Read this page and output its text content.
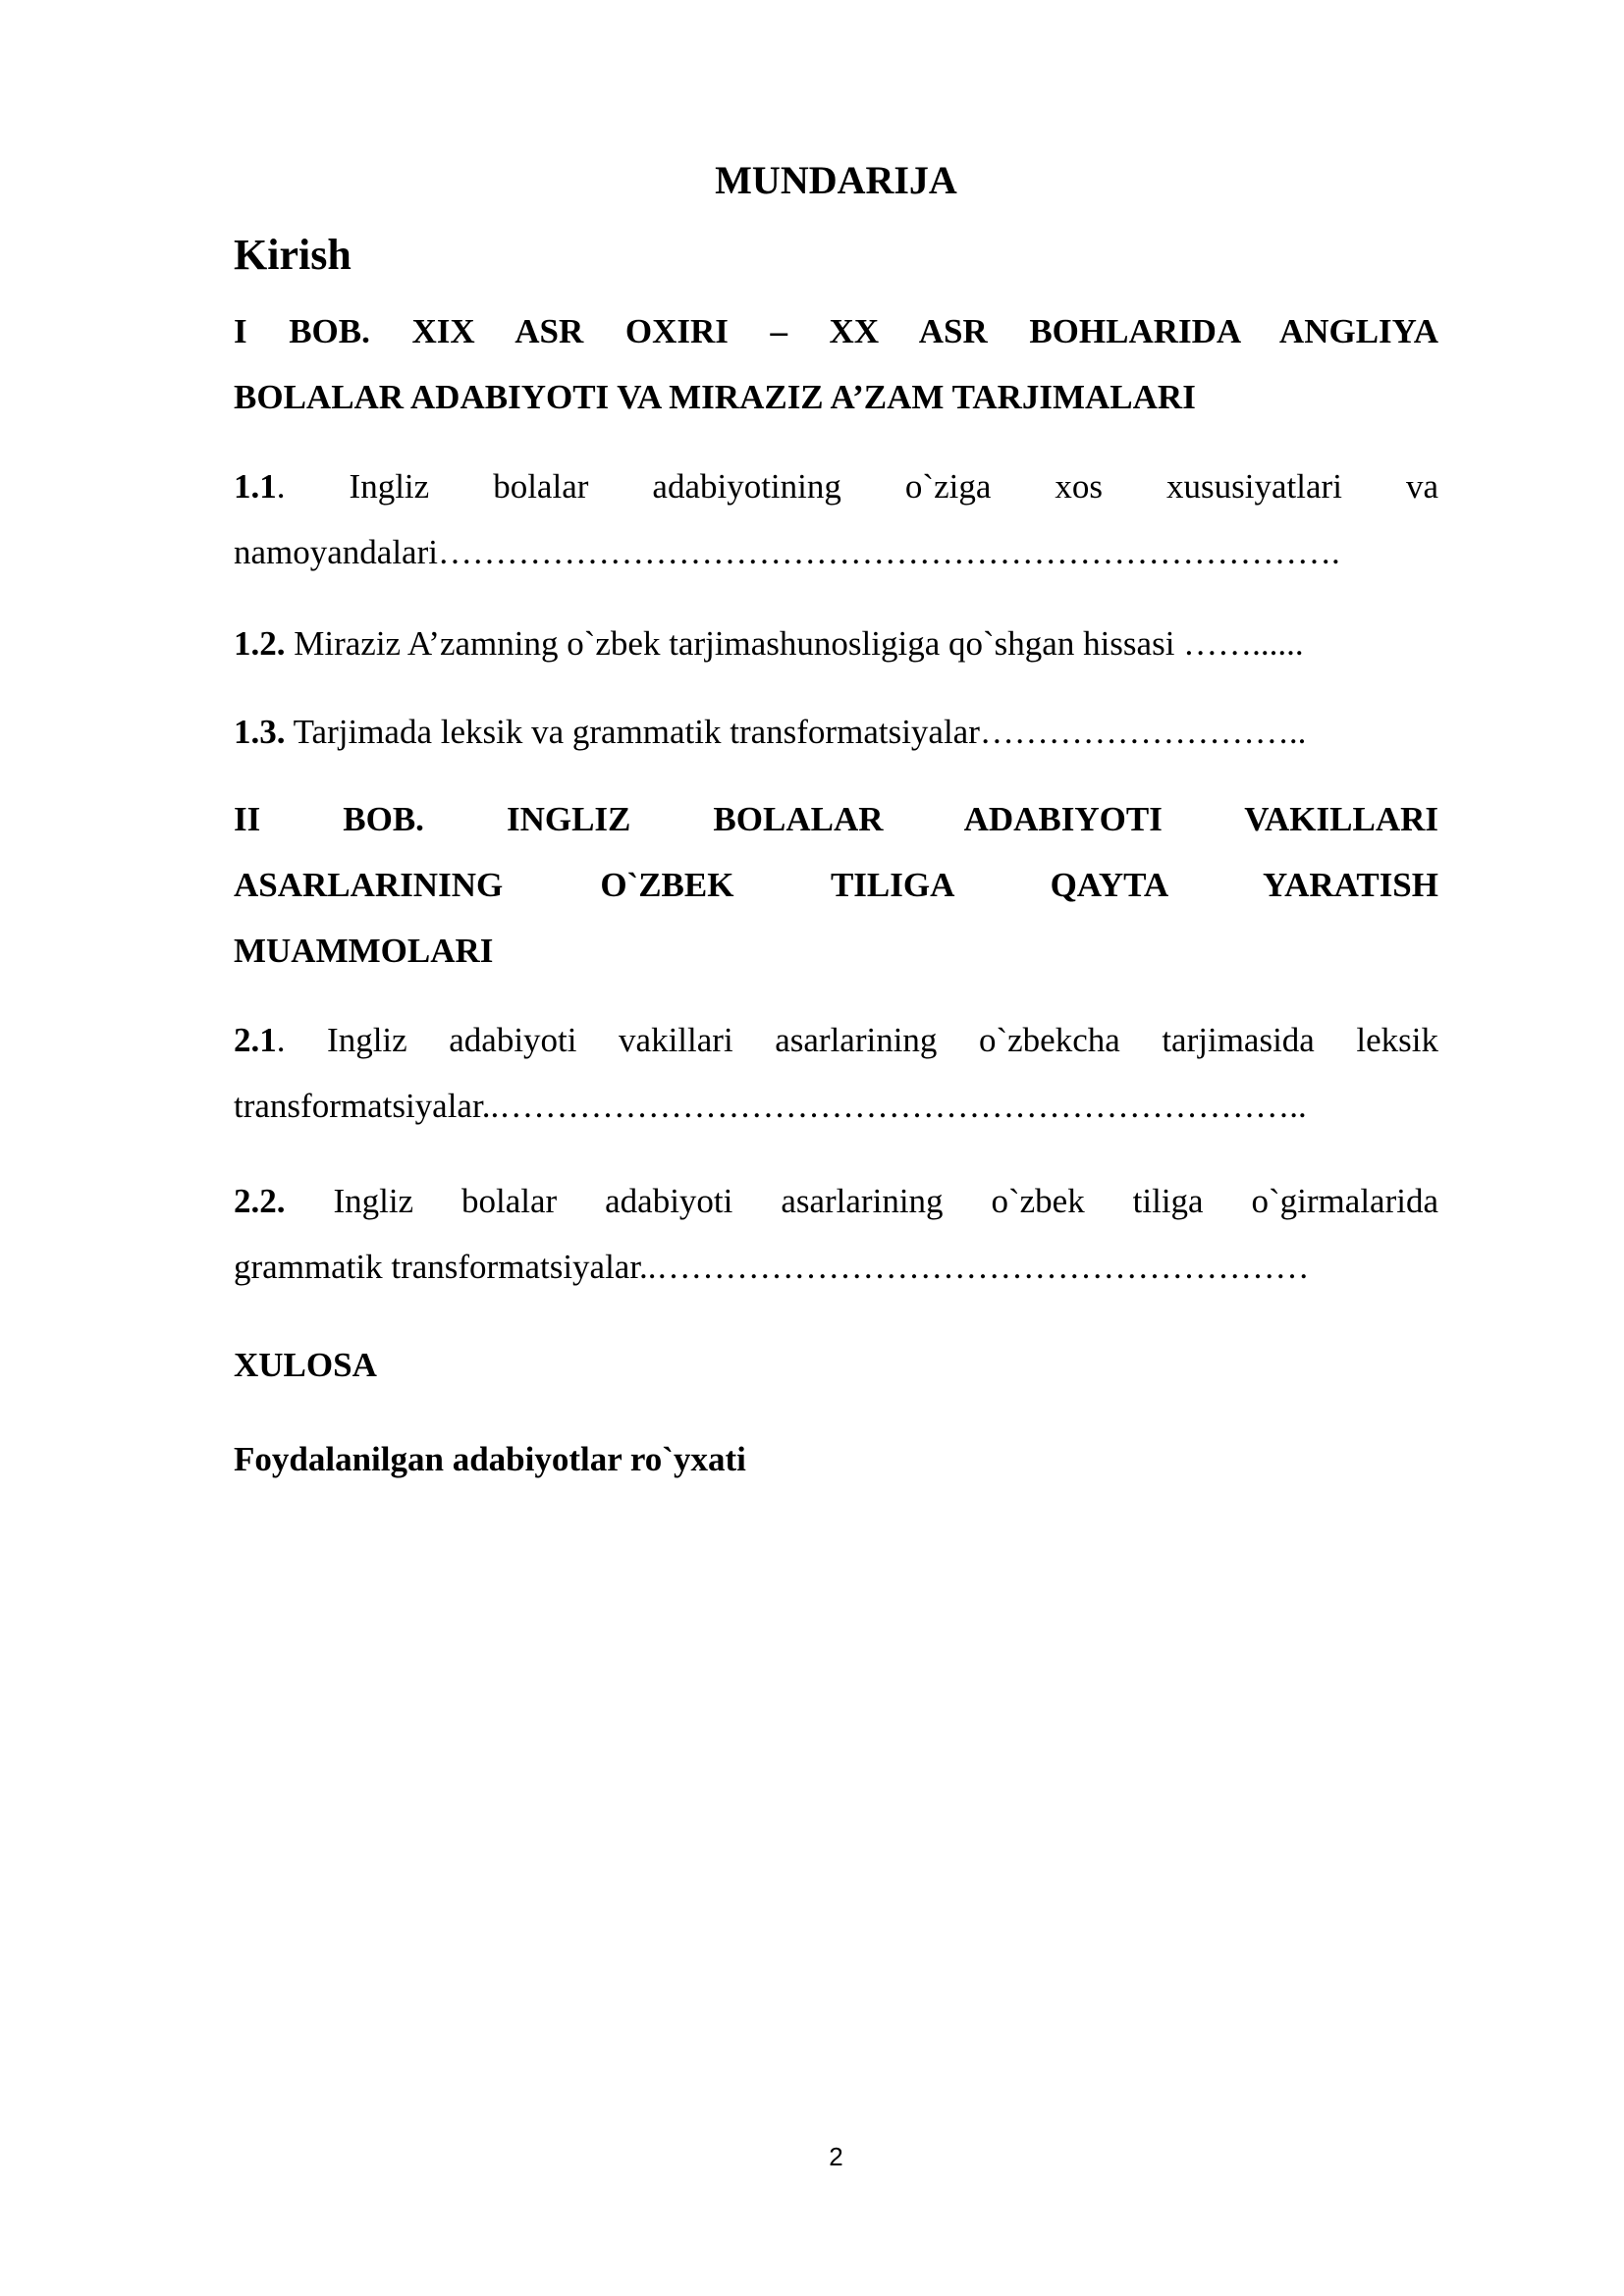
MUNDARIJA
Kirish
I BOB. XIX ASR OXIRI – XX ASR BOHLARIDA ANGLIYA
BOLALAR ADABIYOTI VA MIRAZIZ A’ZAM TARJIMALARI
1.1. Ingliz bolalar adabiyotining o`ziga xos xususiyatlari va
namoyandalari…………………………………………………………………….
1.2. Miraziz A’zamning o`zbek tarjimashunosligiga qo`shgan hissasi ……......
1.3. Tarjimada leksik va grammatik transformatsiyalar………………………..
II BOB. INGLIZ BOLALAR ADABIYOTI VAKILLARI
ASARLARINING O`ZBEK TILIGA QAYTA YARATISH
MUAMMOLARI
2.1. Ingliz adabiyoti vakillari asarlarining o`zbekcha tarjimasida leksik
transformatsiyalar..……………………………………………………………..
2.2. Ingliz bolalar adabiyoti asarlarining o`zbek tiliga o`girmalarida
grammatik transformatsiyalar..…………………………………………………
XULOSA
Foydalanilgan adabiyotlar ro`yxati
2
